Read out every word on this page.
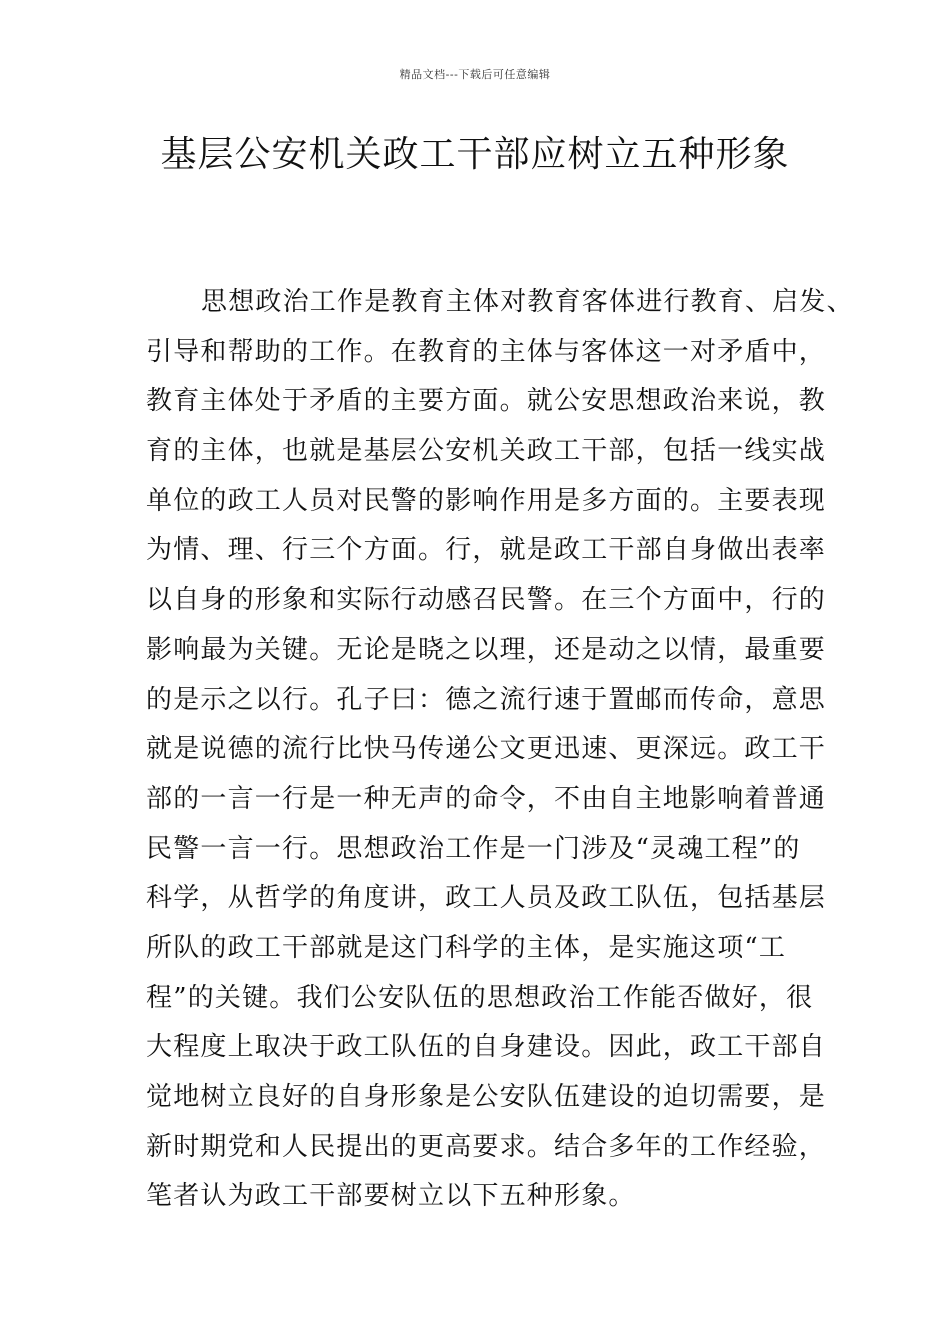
精品文档---下载后可任意编辑
基层公安机关政工干部应树立五种形象
思想政治工作是教育主体对教育客体进行教育、启发、
引导和帮助的工作。在教育的主体与客体这一对矛盾中，
教育主体处于矛盾的主要方面。就公安思想政治来说，教
育的主体，也就是基层公安机关政工干部，包括一线实战
单位的政工人员对民警的影响作用是多方面的。主要表现
为情、理、行三个方面。行，就是政工干部自身做出表率
以自身的形象和实际行动感召民警。在三个方面中，行的
影响最为关键。无论是晓之以理，还是动之以情，最重要
的是示之以行。孔子曰：德之流行速于置邮而传命，意思
就是说德的流行比快马传递公文更迅速、更深远。政工干
部的一言一行是一种无声的命令，不由自主地影响着普通
民警一言一行。思想政治工作是一门涉及“灵魂工程”的
科学，从哲学的角度讲，政工人员及政工队伍，包括基层
所队的政工干部就是这门科学的主体，是实施这项“工
程”的关键。我们公安队伍的思想政治工作能否做好，很
大程度上取决于政工队伍的自身建设。因此，政工干部自
觉地树立良好的自身形象是公安队伍建设的迫切需要，是
新时期党和人民提出的更高要求。结合多年的工作经验，
笔者认为政工干部要树立以下五种形象。
